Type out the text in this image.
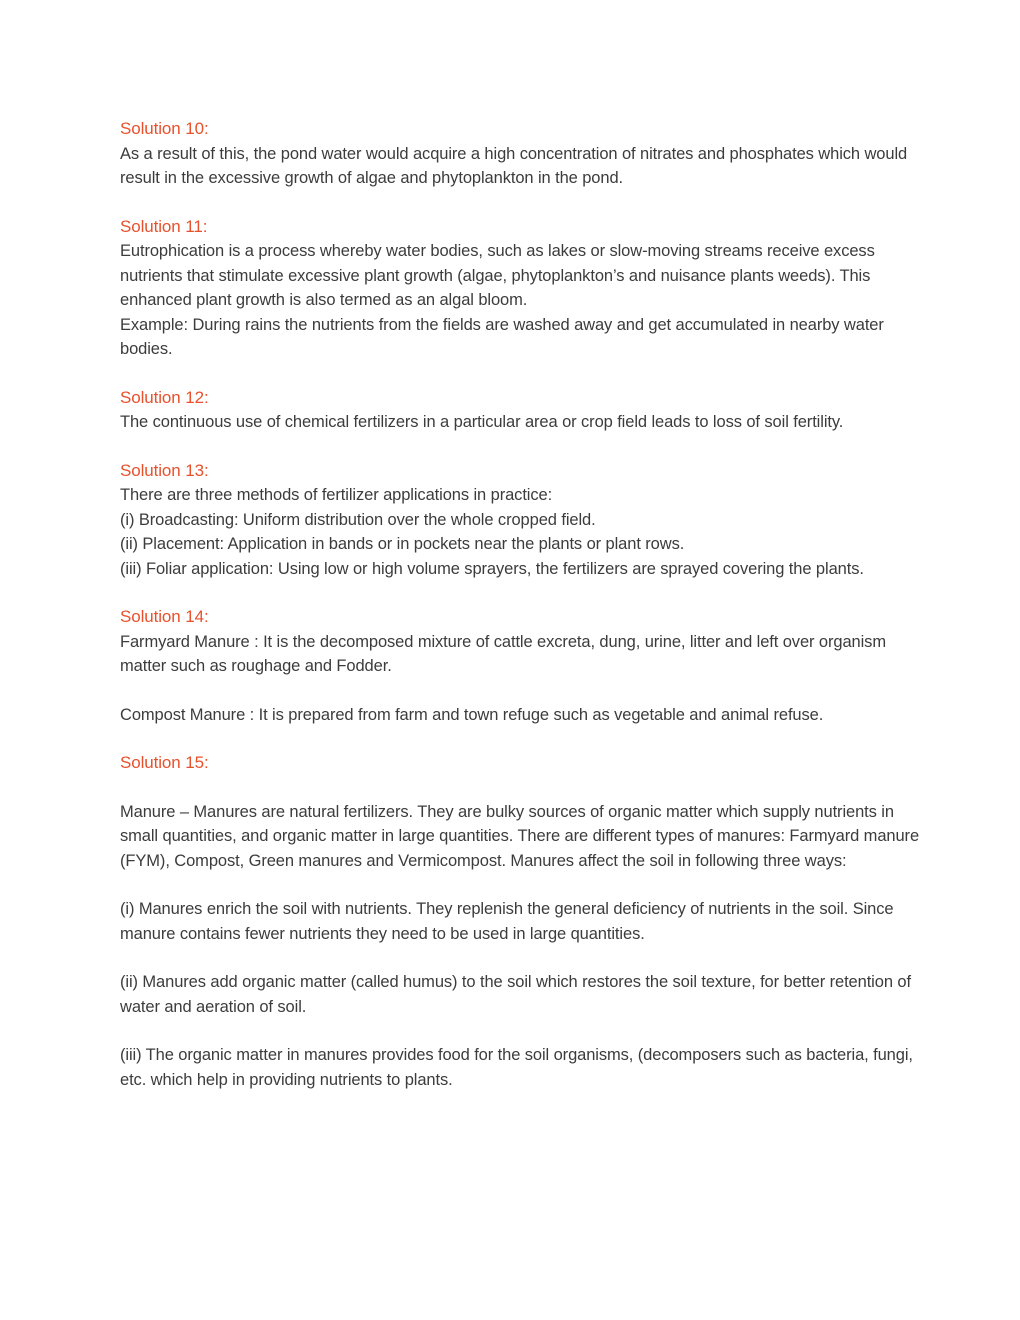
Solution 10:

As a result of this, the pond water would acquire a high concentration of nitrates and phosphates which would result in the excessive growth of algae and phytoplankton in the pond.

Solution 11:

Eutrophication is a process whereby water bodies, such as lakes or slow-moving streams receive excess nutrients that stimulate excessive plant growth (algae, phytoplankton’s and nuisance plants weeds). This enhanced plant growth is also termed as an algal bloom.

Example: During rains the nutrients from the fields are washed away and get accumulated in nearby water bodies.

Solution 12:

The continuous use of chemical fertilizers in a particular area or crop field leads to loss of soil fertility.

Solution 13:

There are three methods of fertilizer applications in practice:

(i) Broadcasting: Uniform distribution over the whole cropped field.

(ii) Placement: Application in bands or in pockets near the plants or plant rows.

(iii) Foliar application: Using low or high volume sprayers, the fertilizers are sprayed covering the plants.

Solution 14:

Farmyard Manure : It is the decomposed mixture of cattle excreta, dung, urine, litter and left over organism matter such as roughage and Fodder.

Compost Manure : It is prepared from farm and town refuge such as vegetable and animal refuse.

Solution 15:

Manure – Manures are natural fertilizers. They are bulky sources of organic matter which supply nutrients in small quantities, and organic matter in large quantities. There are different types of manures: Farmyard manure (FYM), Compost, Green manures and Vermicompost. Manures affect the soil in following three ways:

(i) Manures enrich the soil with nutrients. They replenish the general deficiency of nutrients in the soil. Since manure contains fewer nutrients they need to be used in large quantities.

(ii) Manures add organic matter (called humus) to the soil which restores the soil texture, for better retention of water and aeration of soil.

(iii) The organic matter in manures provides food for the soil organisms, (decomposers such as bacteria, fungi, etc. which help in providing nutrients to plants.
